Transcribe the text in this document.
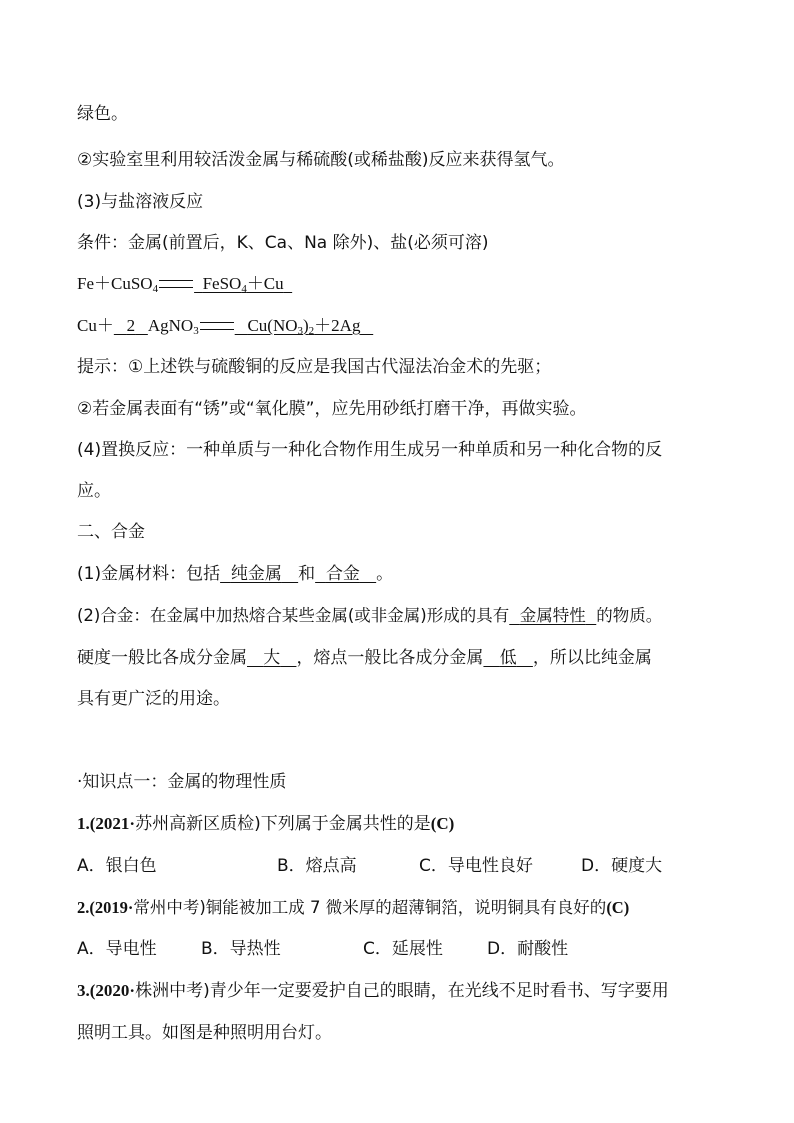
绿色。
②实验室里利用较活泼金属与稀硫酸(或稀盐酸)反应来获得氢气。
(3)与盐溶液反应
条件：金属(前置后，K、Ca、Na 除外)、盐(必须可溶)
Fe＋CuSO$_4$	FeSO$_4$＋Cu
Cu＋ 2 AgNO$_3$	$Cu(NO_3)_2+2Ag$
提示：①上述铁与硫酸铜的反应是我国古代湿法冶金术的先驱；
②若金属表面有“锈”或“氧化膜”，应先用砂纸打磨干净，再做实验。
(4)置换反应：一种单质与一种化合物作用生成另一种单质和另一种化合物的反
应。
二、合金
(1)金属材料：包括 纯金属 和 合金 。
(2)合金：在金属中加热熔合某些金属(或非金属)形成的具有 金属特性 的物质。
硬度一般比各成分金属 大 ，熔点一般比各成分金属 低 ，所以比纯金属
具有更广泛的用途。
·知识点一：金属的物理性质
1.(2021·苏州高新区质检)下列属于金属共性的是(C)
A．银白色	B．熔点高	C．导电性良好	D．硬度大
2.(2019·常州中考)铜能被加工成 7 微米厚的超薄铜箔，说明铜具有良好的(C)
A．导电性	B．导热性	C．延展性	D．耐酸性
3.(2020·株洲中考)青少年一定要爱护自己的眼睛，在光线不足时看书、写字要用
照明工具。如图是种照明用台灯。
